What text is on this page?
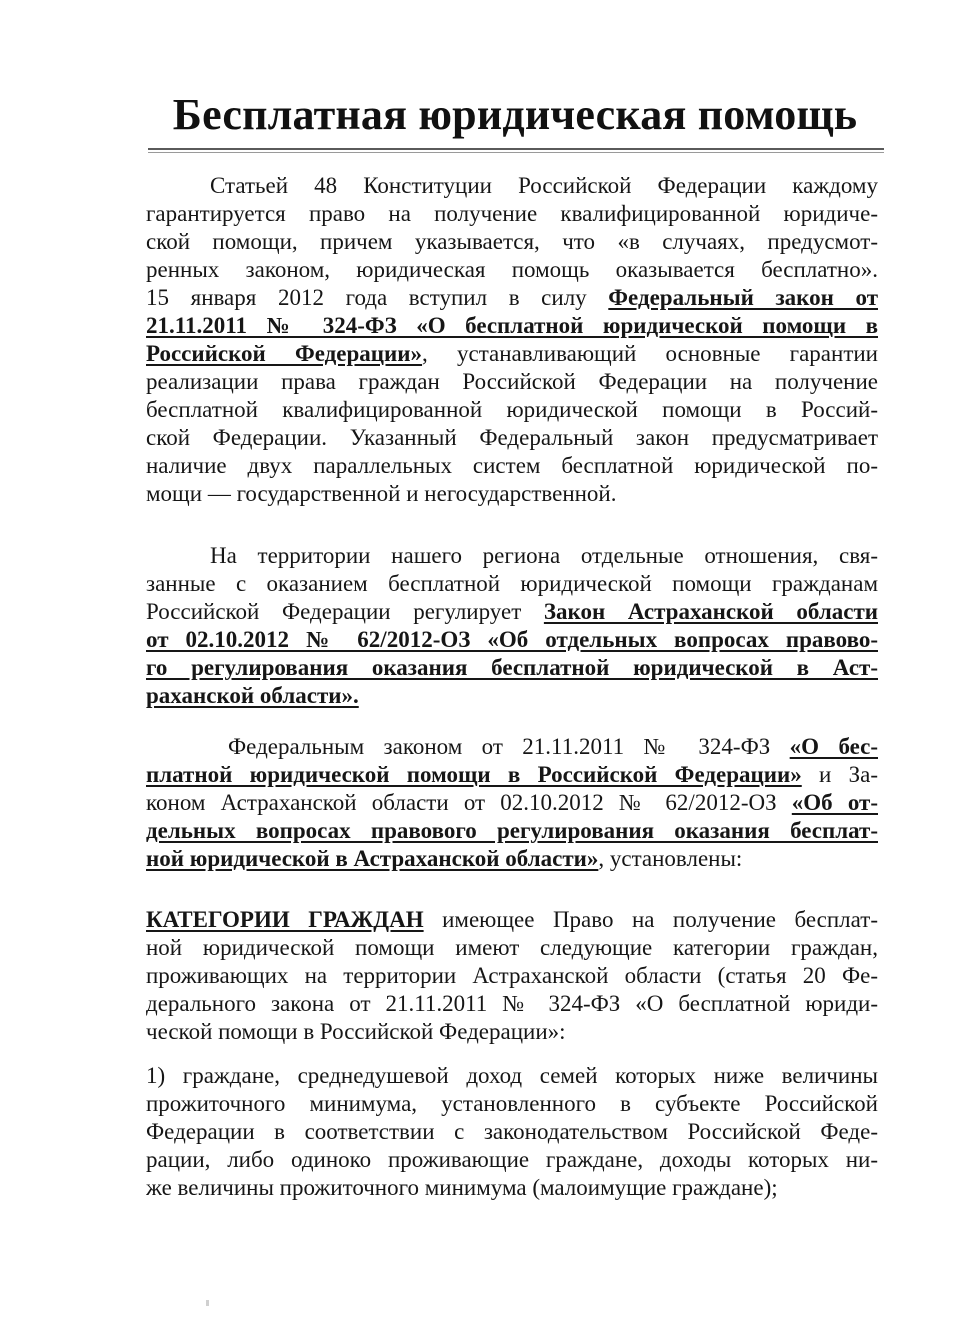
Бесплатная юридическая помощь
Статьей 48 Конституции Российской Федерации каждому
гарантируется право на получение квалифицированной юридиче-
ской помощи, причем указывается, что «в случаях, предусмот-
ренных законом, юридическая помощь оказывается бесплатно».
15 января 2012 года вступил в силу Федеральный закон от
21.11.2011 № 324-ФЗ «О бесплатной юридической помощи в
Российской Федерации», устанавливающий основные гарантии
реализации права граждан Российской Федерации на получение
бесплатной квалифицированной юридической помощи в Россий-
ской Федерации. Указанный Федеральный закон предусматривает
наличие двух параллельных систем бесплатной юридической по-
мощи — государственной и негосударственной.
На территории нашего региона отдельные отношения, свя-
занные с оказанием бесплатной юридической помощи гражданам
Российской Федерации регулирует Закон Астраханской области
от 02.10.2012 № 62/2012-ОЗ «Об отдельных вопросах правово-
го регулирования оказания бесплатной юридической в Аст-
раханской области».
Федеральным законом от 21.11.2011 № 324-ФЗ «О бес-
платной юридической помощи в Российской Федерации» и За-
коном Астраханской области от 02.10.2012 № 62/2012-ОЗ «Об от-
дельных вопросах правового регулирования оказания бесплат-
ной юридической в Астраханской области», установлены:
КАТЕГОРИИ ГРАЖДАН имеющее Право на получение бесплат-
ной юридической помощи имеют следующие категории граждан,
проживающих на территории Астраханской области (статья 20 Фе-
дерального закона от 21.11.2011 № 324-ФЗ «О бесплатной юриди-
ческой помощи в Российской Федерации»:
1) граждане, среднедушевой доход семей которых ниже величины
прожиточного минимума, установленного в субъекте Российской
Федерации в соответствии с законодательством Российской Феде-
рации, либо одиноко проживающие граждане, доходы которых ни-
же величины прожиточного минимума (малоимущие граждане);
